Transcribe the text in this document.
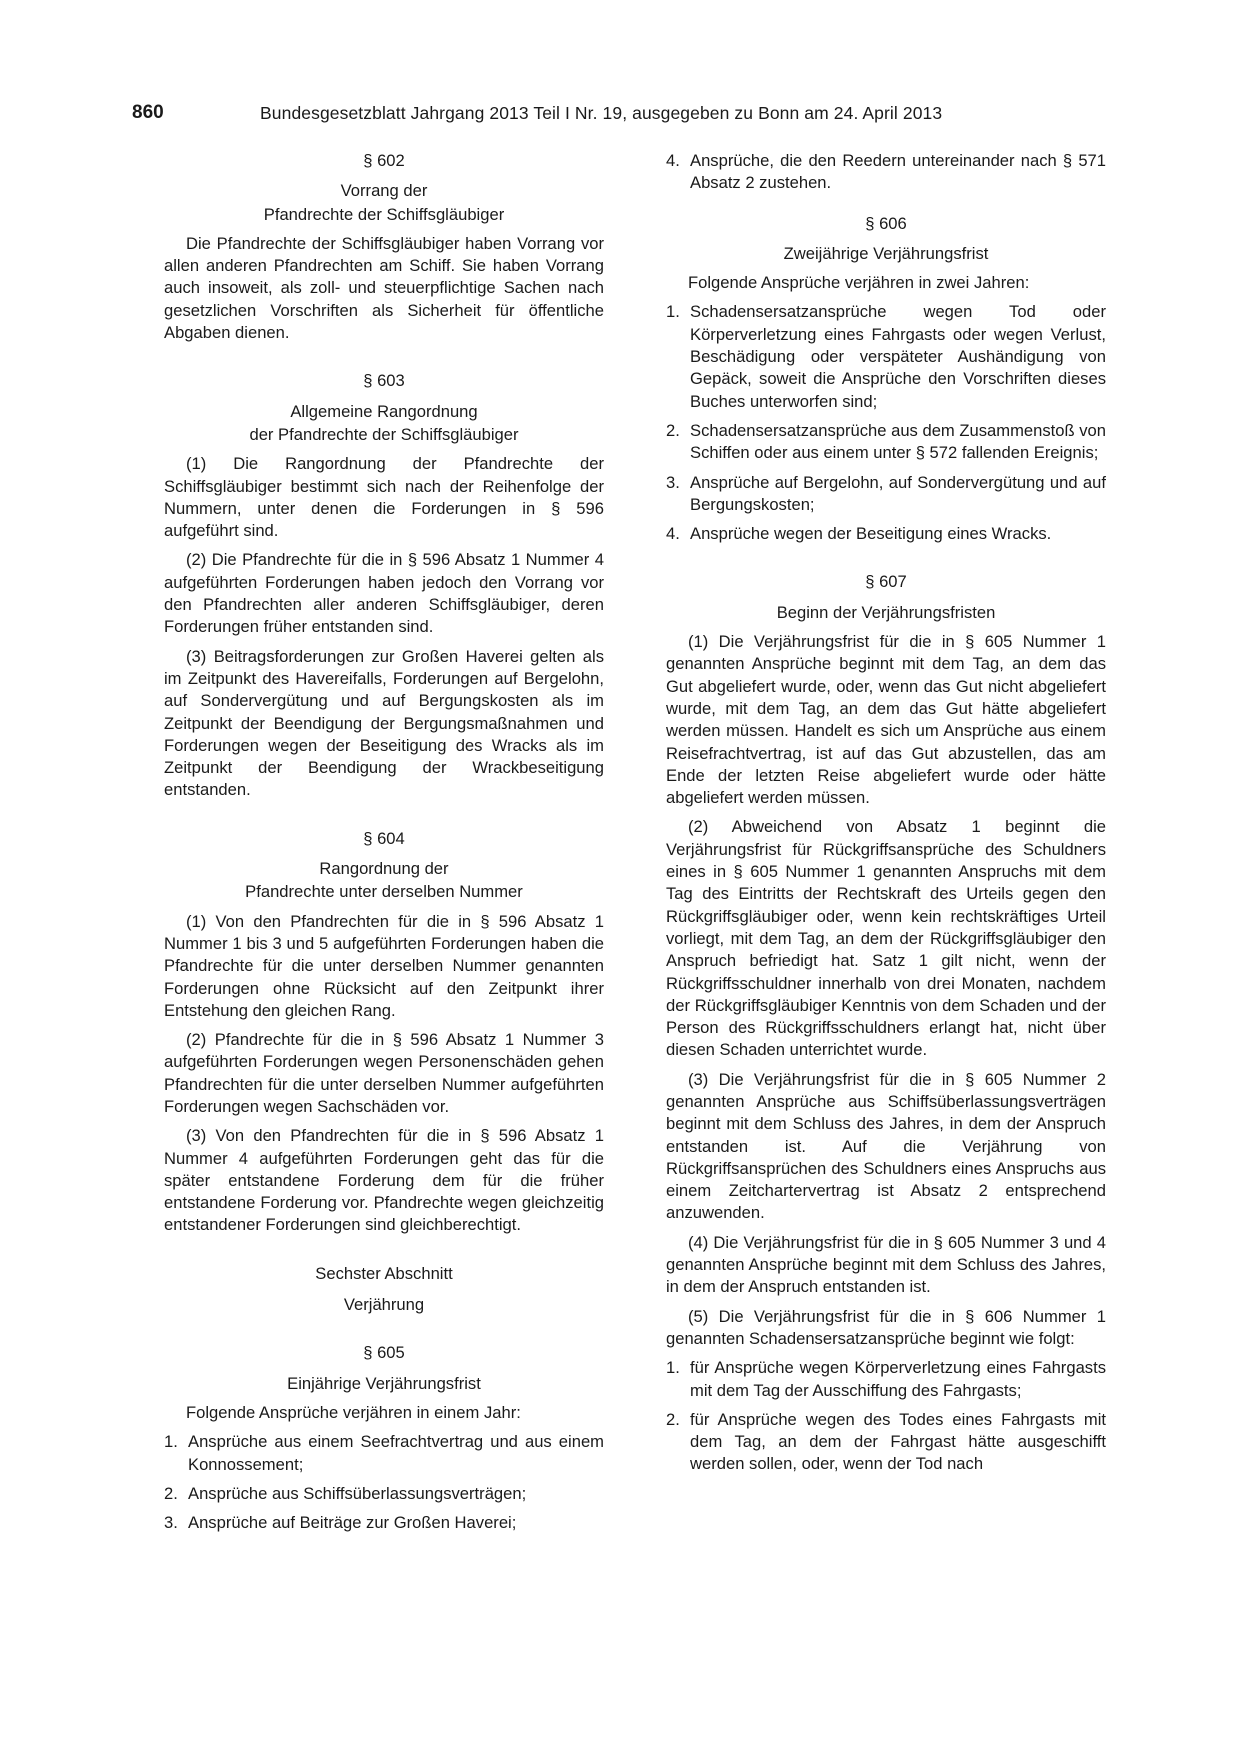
860	Bundesgesetzblatt Jahrgang 2013 Teil I Nr. 19, ausgegeben zu Bonn am 24. April 2013

§ 602

Vorrang der

Pfandrechte der Schiffsgläubiger

Die Pfandrechte der Schiffsgläubiger haben Vorrang vor allen anderen Pfandrechten am Schiff. Sie haben Vorrang auch insoweit, als zoll- und steuerpflichtige Sachen nach gesetzlichen Vorschriften als Sicherheit für öffentliche Abgaben dienen.

§ 603

Allgemeine Rangordnung

der Pfandrechte der Schiffsgläubiger

(1) Die Rangordnung der Pfandrechte der Schiffsgläubiger bestimmt sich nach der Reihenfolge der Nummern, unter denen die Forderungen in § 596 aufgeführt sind.

(2) Die Pfandrechte für die in § 596 Absatz 1 Nummer 4 aufgeführten Forderungen haben jedoch den Vorrang vor den Pfandrechten aller anderen Schiffsgläubiger, deren Forderungen früher entstanden sind.

(3) Beitragsforderungen zur Großen Haverei gelten als im Zeitpunkt des Havereifalls, Forderungen auf Bergelohn, auf Sondervergütung und auf Bergungskosten als im Zeitpunkt der Beendigung der Bergungsmaßnahmen und Forderungen wegen der Beseitigung des Wracks als im Zeitpunkt der Beendigung der Wrackbeseitigung entstanden.

§ 604

Rangordnung der

Pfandrechte unter derselben Nummer

(1) Von den Pfandrechten für die in § 596 Absatz 1 Nummer 1 bis 3 und 5 aufgeführten Forderungen haben die Pfandrechte für die unter derselben Nummer genannten Forderungen ohne Rücksicht auf den Zeitpunkt ihrer Entstehung den gleichen Rang.

(2) Pfandrechte für die in § 596 Absatz 1 Nummer 3 aufgeführten Forderungen wegen Personenschäden gehen Pfandrechten für die unter derselben Nummer aufgeführten Forderungen wegen Sachschäden vor.

(3) Von den Pfandrechten für die in § 596 Absatz 1 Nummer 4 aufgeführten Forderungen geht das für die später entstandene Forderung dem für die früher entstandene Forderung vor. Pfandrechte wegen gleichzeitig entstandener Forderungen sind gleichberechtigt.

Sechster Abschnitt

Verjährung

§ 605

Einjährige Verjährungsfrist

Folgende Ansprüche verjähren in einem Jahr:

1. Ansprüche aus einem Seefrachtvertrag und aus einem Konnossement;
2. Ansprüche aus Schiffsüberlassungsverträgen;
3. Ansprüche auf Beiträge zur Großen Haverei;
4. Ansprüche, die den Reedern untereinander nach § 571 Absatz 2 zustehen.

§ 606

Zweijährige Verjährungsfrist

Folgende Ansprüche verjähren in zwei Jahren:

1. Schadensersatzansprüche wegen Tod oder Körperverletzung eines Fahrgasts oder wegen Verlust, Beschädigung oder verspäteter Aushändigung von Gepäck, soweit die Ansprüche den Vorschriften dieses Buches unterworfen sind;
2. Schadensersatzansprüche aus dem Zusammenstoß von Schiffen oder aus einem unter § 572 fallenden Ereignis;
3. Ansprüche auf Bergelohn, auf Sondervergütung und auf Bergungskosten;
4. Ansprüche wegen der Beseitigung eines Wracks.

§ 607

Beginn der Verjährungsfristen

(1) Die Verjährungsfrist für die in § 605 Nummer 1 genannten Ansprüche beginnt mit dem Tag, an dem das Gut abgeliefert wurde, oder, wenn das Gut nicht abgeliefert wurde, mit dem Tag, an dem das Gut hätte abgeliefert werden müssen. Handelt es sich um Ansprüche aus einem Reisefrachtvertrag, ist auf das Gut abzustellen, das am Ende der letzten Reise abgeliefert wurde oder hätte abgeliefert werden müssen.

(2) Abweichend von Absatz 1 beginnt die Verjährungsfrist für Rückgriffsansprüche des Schuldners eines in § 605 Nummer 1 genannten Anspruchs mit dem Tag des Eintritts der Rechtskraft des Urteils gegen den Rückgriffsgläubiger oder, wenn kein rechtskräftiges Urteil vorliegt, mit dem Tag, an dem der Rückgriffsgläubiger den Anspruch befriedigt hat. Satz 1 gilt nicht, wenn der Rückgriffsschuldner innerhalb von drei Monaten, nachdem der Rückgriffsgläubiger Kenntnis von dem Schaden und der Person des Rückgriffsschuldners erlangt hat, nicht über diesen Schaden unterrichtet wurde.

(3) Die Verjährungsfrist für die in § 605 Nummer 2 genannten Ansprüche aus Schiffsüberlassungsverträgen beginnt mit dem Schluss des Jahres, in dem der Anspruch entstanden ist. Auf die Verjährung von Rückgriffsansprüchen des Schuldners eines Anspruchs aus einem Zeitchartervertrag ist Absatz 2 entsprechend anzuwenden.

(4) Die Verjährungsfrist für die in § 605 Nummer 3 und 4 genannten Ansprüche beginnt mit dem Schluss des Jahres, in dem der Anspruch entstanden ist.

(5) Die Verjährungsfrist für die in § 606 Nummer 1 genannten Schadensersatzansprüche beginnt wie folgt:

1. für Ansprüche wegen Körperverletzung eines Fahrgasts mit dem Tag der Ausschiffung des Fahrgasts;
2. für Ansprüche wegen des Todes eines Fahrgasts mit dem Tag, an dem der Fahrgast hätte ausgeschifft werden sollen, oder, wenn der Tod nach
